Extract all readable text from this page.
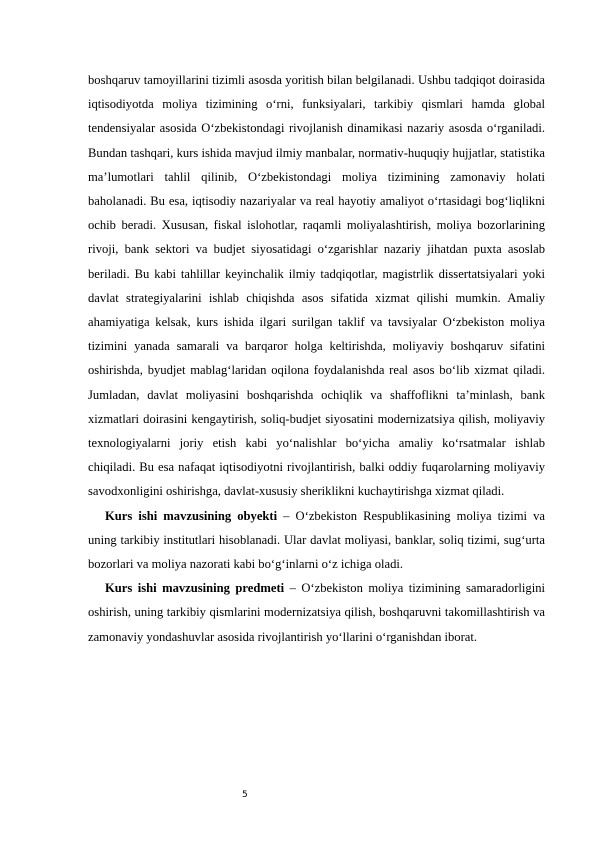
boshqaruv tamoyillarini tizimli asosda yoritish bilan belgilanadi. Ushbu tadqiqot doirasida iqtisodiyotda moliya tizimining o‘rni, funksiyalari, tarkibiy qismlari hamda global tendensiyalar asosida O‘zbekistondagi rivojlanish dinamikasi nazariy asosda o‘rganiladi. Bundan tashqari, kurs ishida mavjud ilmiy manbalar, normativ-huquqiy hujjatlar, statistika ma’lumotlari tahlil qilinib, O‘zbekistondagi moliya tizimining zamonaviy holati baholanadi. Bu esa, iqtisodiy nazariyalar va real hayotiy amaliyot o‘rtasidagi bog‘liqlikni ochib beradi. Xususan, fiskal islohotlar, raqamli moliyalashtirish, moliya bozorlarining rivoji, bank sektori va budjet siyosatidagi o‘zgarishlar nazariy jihatdan puxta asoslab beriladi. Bu kabi tahlillar keyinchalik ilmiy tadqiqotlar, magistrlik dissertatsiyalari yoki davlat strategiyalarini ishlab chiqishda asos sifatida xizmat qilishi mumkin. Amaliy ahamiyatiga kelsak, kurs ishida ilgari surilgan taklif va tavsiyalar O‘zbekiston moliya tizimini yanada samarali va barqaror holga keltirishda, moliyaviy boshqaruv sifatini oshirishda, byudjet mablag‘laridan oqilona foydalanishda real asos bo‘lib xizmat qiladi. Jumladan, davlat moliyasini boshqarishda ochiqlik va shaffoflikni ta’minlash, bank xizmatlari doirasini kengaytirish, soliq-budjet siyosatini modernizatsiya qilish, moliyaviy texnologiyalarni joriy etish kabi yo‘nalishlar bo‘yicha amaliy ko‘rsatmalar ishlab chiqiladi. Bu esa nafaqat iqtisodiyotni rivojlantirish, balki oddiy fuqarolarning moliyaviy savodxonligini oshirishga, davlat-xususiy sheriklikni kuchaytirishga xizmat qiladi.

Kurs ishi mavzusining obyekti – O‘zbekiston Respublikasining moliya tizimi va uning tarkibiy institutlari hisoblanadi. Ular davlat moliyasi, banklar, soliq tizimi, sug‘urta bozorlari va moliya nazorati kabi bo‘g‘inlarni o‘z ichiga oladi.

Kurs ishi mavzusining predmeti – O‘zbekiston moliya tizimining samaradorligini oshirish, uning tarkibiy qismlarini modernizatsiya qilish, boshqaruvni takomillashtirish va zamonaviy yondashuvlar asosida rivojlantirish yo‘llarini o‘rganishdan iborat.

5
